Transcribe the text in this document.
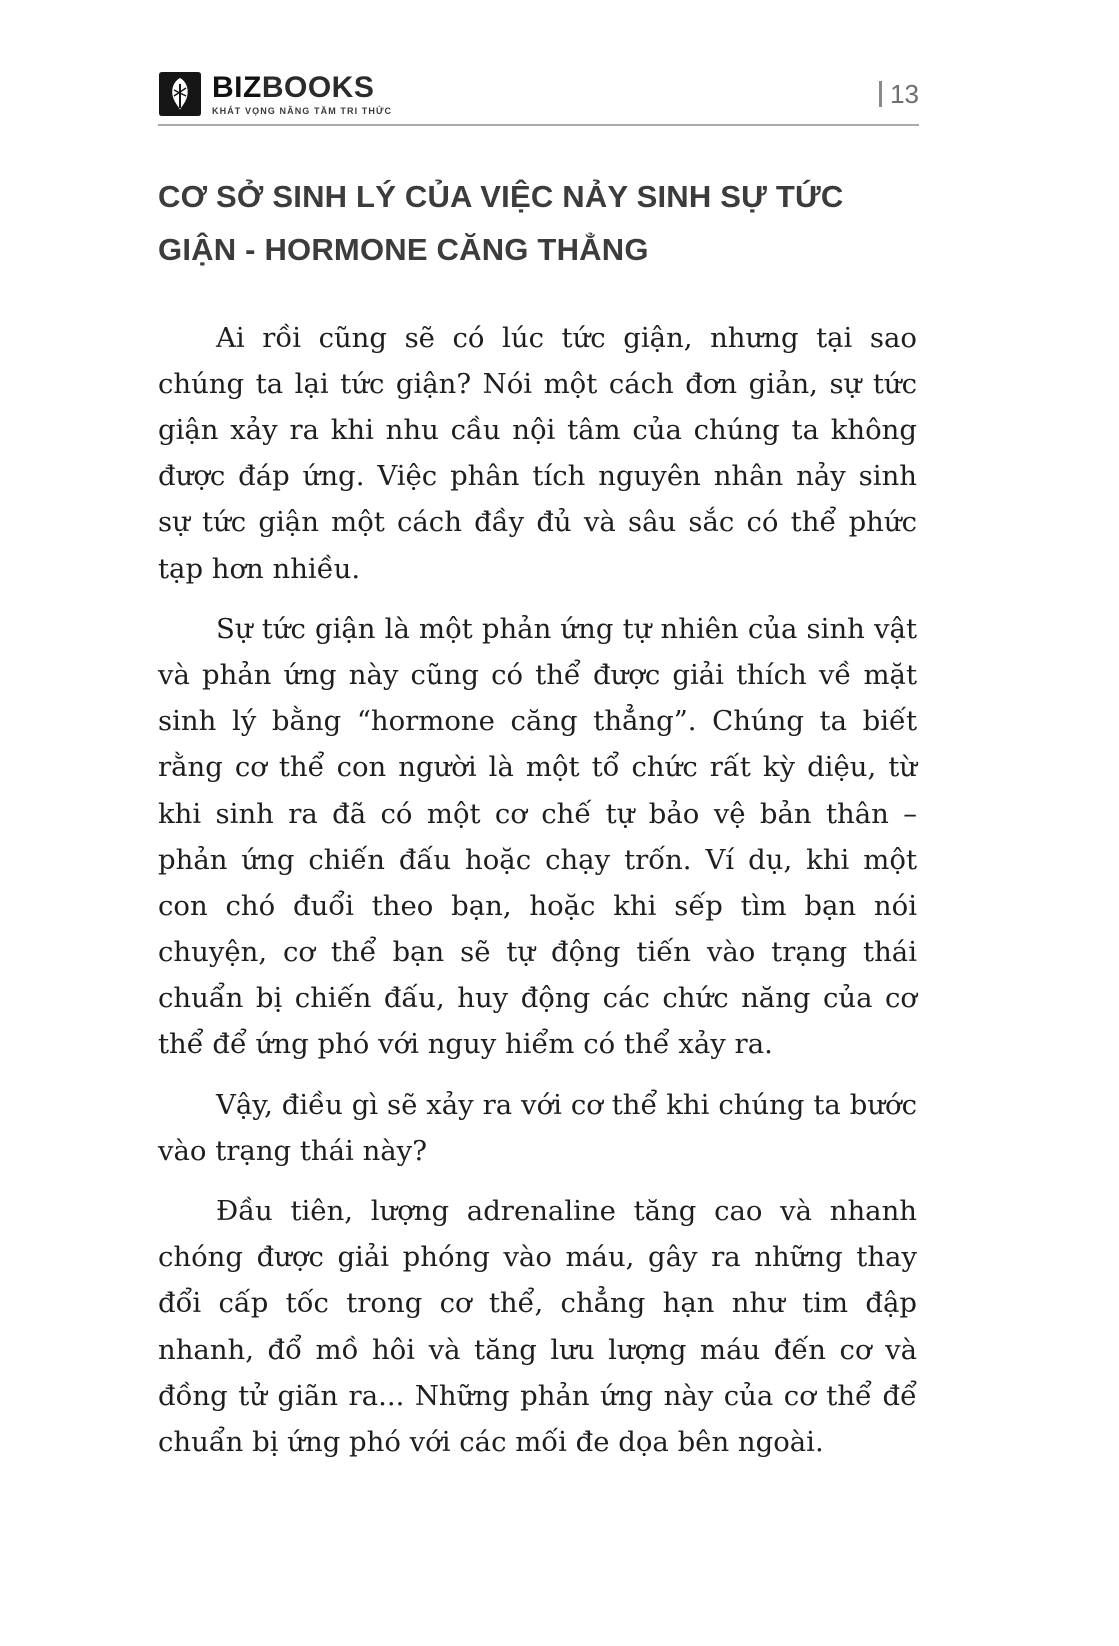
BIZBOOKS
KHÁT VỌNG NÂNG TẦM TRI THỨC
13
CƠ SỞ SINH LÝ CỦA VIỆC NẢY SINH SỰ TỨC GIẬN - HORMONE CĂNG THẲNG

Ai rồi cũng sẽ có lúc tức giận, nhưng tại sao chúng ta lại tức giận? Nói một cách đơn giản, sự tức giận xảy ra khi nhu cầu nội tâm của chúng ta không được đáp ứng. Việc phân tích nguyên nhân nảy sinh sự tức giận một cách đầy đủ và sâu sắc có thể phức tạp hơn nhiều.

Sự tức giận là một phản ứng tự nhiên của sinh vật và phản ứng này cũng có thể được giải thích về mặt sinh lý bằng “hormone căng thẳng”. Chúng ta biết rằng cơ thể con người là một tổ chức rất kỳ diệu, từ khi sinh ra đã có một cơ chế tự bảo vệ bản thân – phản ứng chiến đấu hoặc chạy trốn. Ví dụ, khi một con chó đuổi theo bạn, hoặc khi sếp tìm bạn nói chuyện, cơ thể bạn sẽ tự động tiến vào trạng thái chuẩn bị chiến đấu, huy động các chức năng của cơ thể để ứng phó với nguy hiểm có thể xảy ra.

Vậy, điều gì sẽ xảy ra với cơ thể khi chúng ta bước vào trạng thái này?

Đầu tiên, lượng adrenaline tăng cao và nhanh chóng được giải phóng vào máu, gây ra những thay đổi cấp tốc trong cơ thể, chẳng hạn như tim đập nhanh, đổ mồ hôi và tăng lưu lượng máu đến cơ và đồng tử giãn ra... Những phản ứng này của cơ thể để chuẩn bị ứng phó với các mối đe dọa bên ngoài.
